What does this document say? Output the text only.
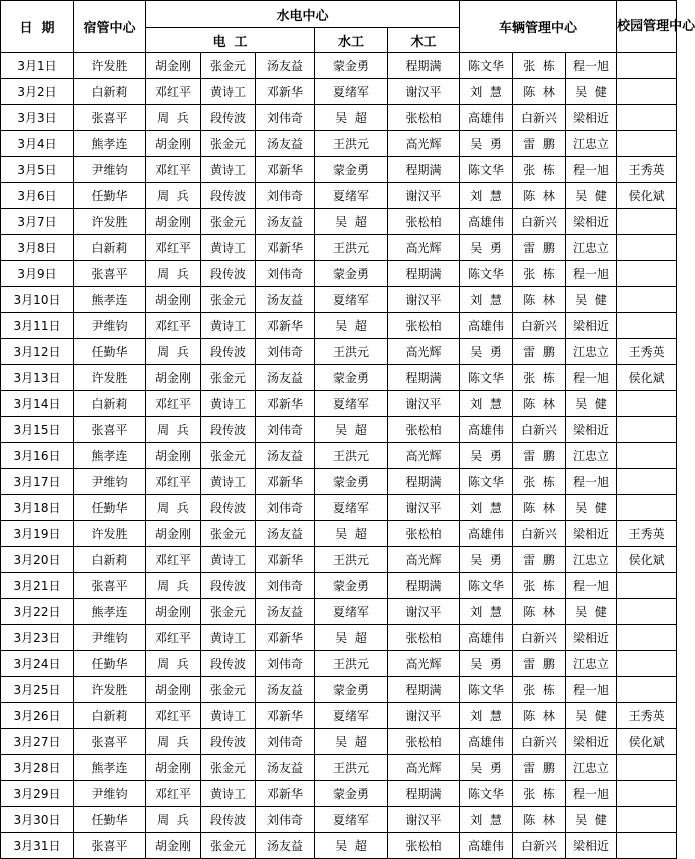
日  期	宿管中心	水电中心					车辆管理中心			校园管理中心
		电  工			水工	木工				
3月1日	许发胜	胡金刚	张金元	汤友益	蒙金勇	程期满	陈文华	张  栋	程一旭	
3月2日	白新莉	邓红平	黄诗工	邓新华	夏绪军	谢汉平	刘  慧	陈  林	吴  健	
3月3日	张喜平	周  兵	段传波	刘伟奇	吴  超	张松柏	高雄伟	白新兴	梁相近	
3月4日	熊孝连	胡金刚	张金元	汤友益	王洪元	高光辉	吴  勇	雷  鹏	江忠立	
3月5日	尹维钧	邓红平	黄诗工	邓新华	蒙金勇	程期满	陈文华	张  栋	程一旭	王秀英
3月6日	任勤华	周  兵	段传波	刘伟奇	夏绪军	谢汉平	刘  慧	陈  林	吴  健	侯化斌
3月7日	许发胜	胡金刚	张金元	汤友益	吴  超	张松柏	高雄伟	白新兴	梁相近	
3月8日	白新莉	邓红平	黄诗工	邓新华	王洪元	高光辉	吴  勇	雷  鹏	江忠立	
3月9日	张喜平	周  兵	段传波	刘伟奇	蒙金勇	程期满	陈文华	张  栋	程一旭	
3月10日	熊孝连	胡金刚	张金元	汤友益	夏绪军	谢汉平	刘  慧	陈  林	吴  健	
3月11日	尹维钧	邓红平	黄诗工	邓新华	吴  超	张松柏	高雄伟	白新兴	梁相近	
3月12日	任勤华	周  兵	段传波	刘伟奇	王洪元	高光辉	吴  勇	雷  鹏	江忠立	王秀英
3月13日	许发胜	胡金刚	张金元	汤友益	蒙金勇	程期满	陈文华	张  栋	程一旭	侯化斌
3月14日	白新莉	邓红平	黄诗工	邓新华	夏绪军	谢汉平	刘  慧	陈  林	吴  健	
3月15日	张喜平	周  兵	段传波	刘伟奇	吴  超	张松柏	高雄伟	白新兴	梁相近	
3月16日	熊孝连	胡金刚	张金元	汤友益	王洪元	高光辉	吴  勇	雷  鹏	江忠立	
3月17日	尹维钧	邓红平	黄诗工	邓新华	蒙金勇	程期满	陈文华	张  栋	程一旭	
3月18日	任勤华	周  兵	段传波	刘伟奇	夏绪军	谢汉平	刘  慧	陈  林	吴  健	
3月19日	许发胜	胡金刚	张金元	汤友益	吴  超	张松柏	高雄伟	白新兴	梁相近	王秀英
3月20日	白新莉	邓红平	黄诗工	邓新华	王洪元	高光辉	吴  勇	雷  鹏	江忠立	侯化斌
3月21日	张喜平	周  兵	段传波	刘伟奇	蒙金勇	程期满	陈文华	张  栋	程一旭	
3月22日	熊孝连	胡金刚	张金元	汤友益	夏绪军	谢汉平	刘  慧	陈  林	吴  健	
3月23日	尹维钧	邓红平	黄诗工	邓新华	吴  超	张松柏	高雄伟	白新兴	梁相近	
3月24日	任勤华	周  兵	段传波	刘伟奇	王洪元	高光辉	吴  勇	雷  鹏	江忠立	
3月25日	许发胜	胡金刚	张金元	汤友益	蒙金勇	程期满	陈文华	张  栋	程一旭	
3月26日	白新莉	邓红平	黄诗工	邓新华	夏绪军	谢汉平	刘  慧	陈  林	吴  健	王秀英
3月27日	张喜平	周  兵	段传波	刘伟奇	吴  超	张松柏	高雄伟	白新兴	梁相近	侯化斌
3月28日	熊孝连	胡金刚	张金元	汤友益	王洪元	高光辉	吴  勇	雷  鹏	江忠立	
3月29日	尹维钧	邓红平	黄诗工	邓新华	蒙金勇	程期满	陈文华	张  栋	程一旭	
3月30日	任勤华	周  兵	段传波	刘伟奇	夏绪军	谢汉平	刘  慧	陈  林	吴  健	
3月31日	张喜平	胡金刚	张金元	汤友益	吴  超	张松柏	高雄伟	白新兴	梁相近	
